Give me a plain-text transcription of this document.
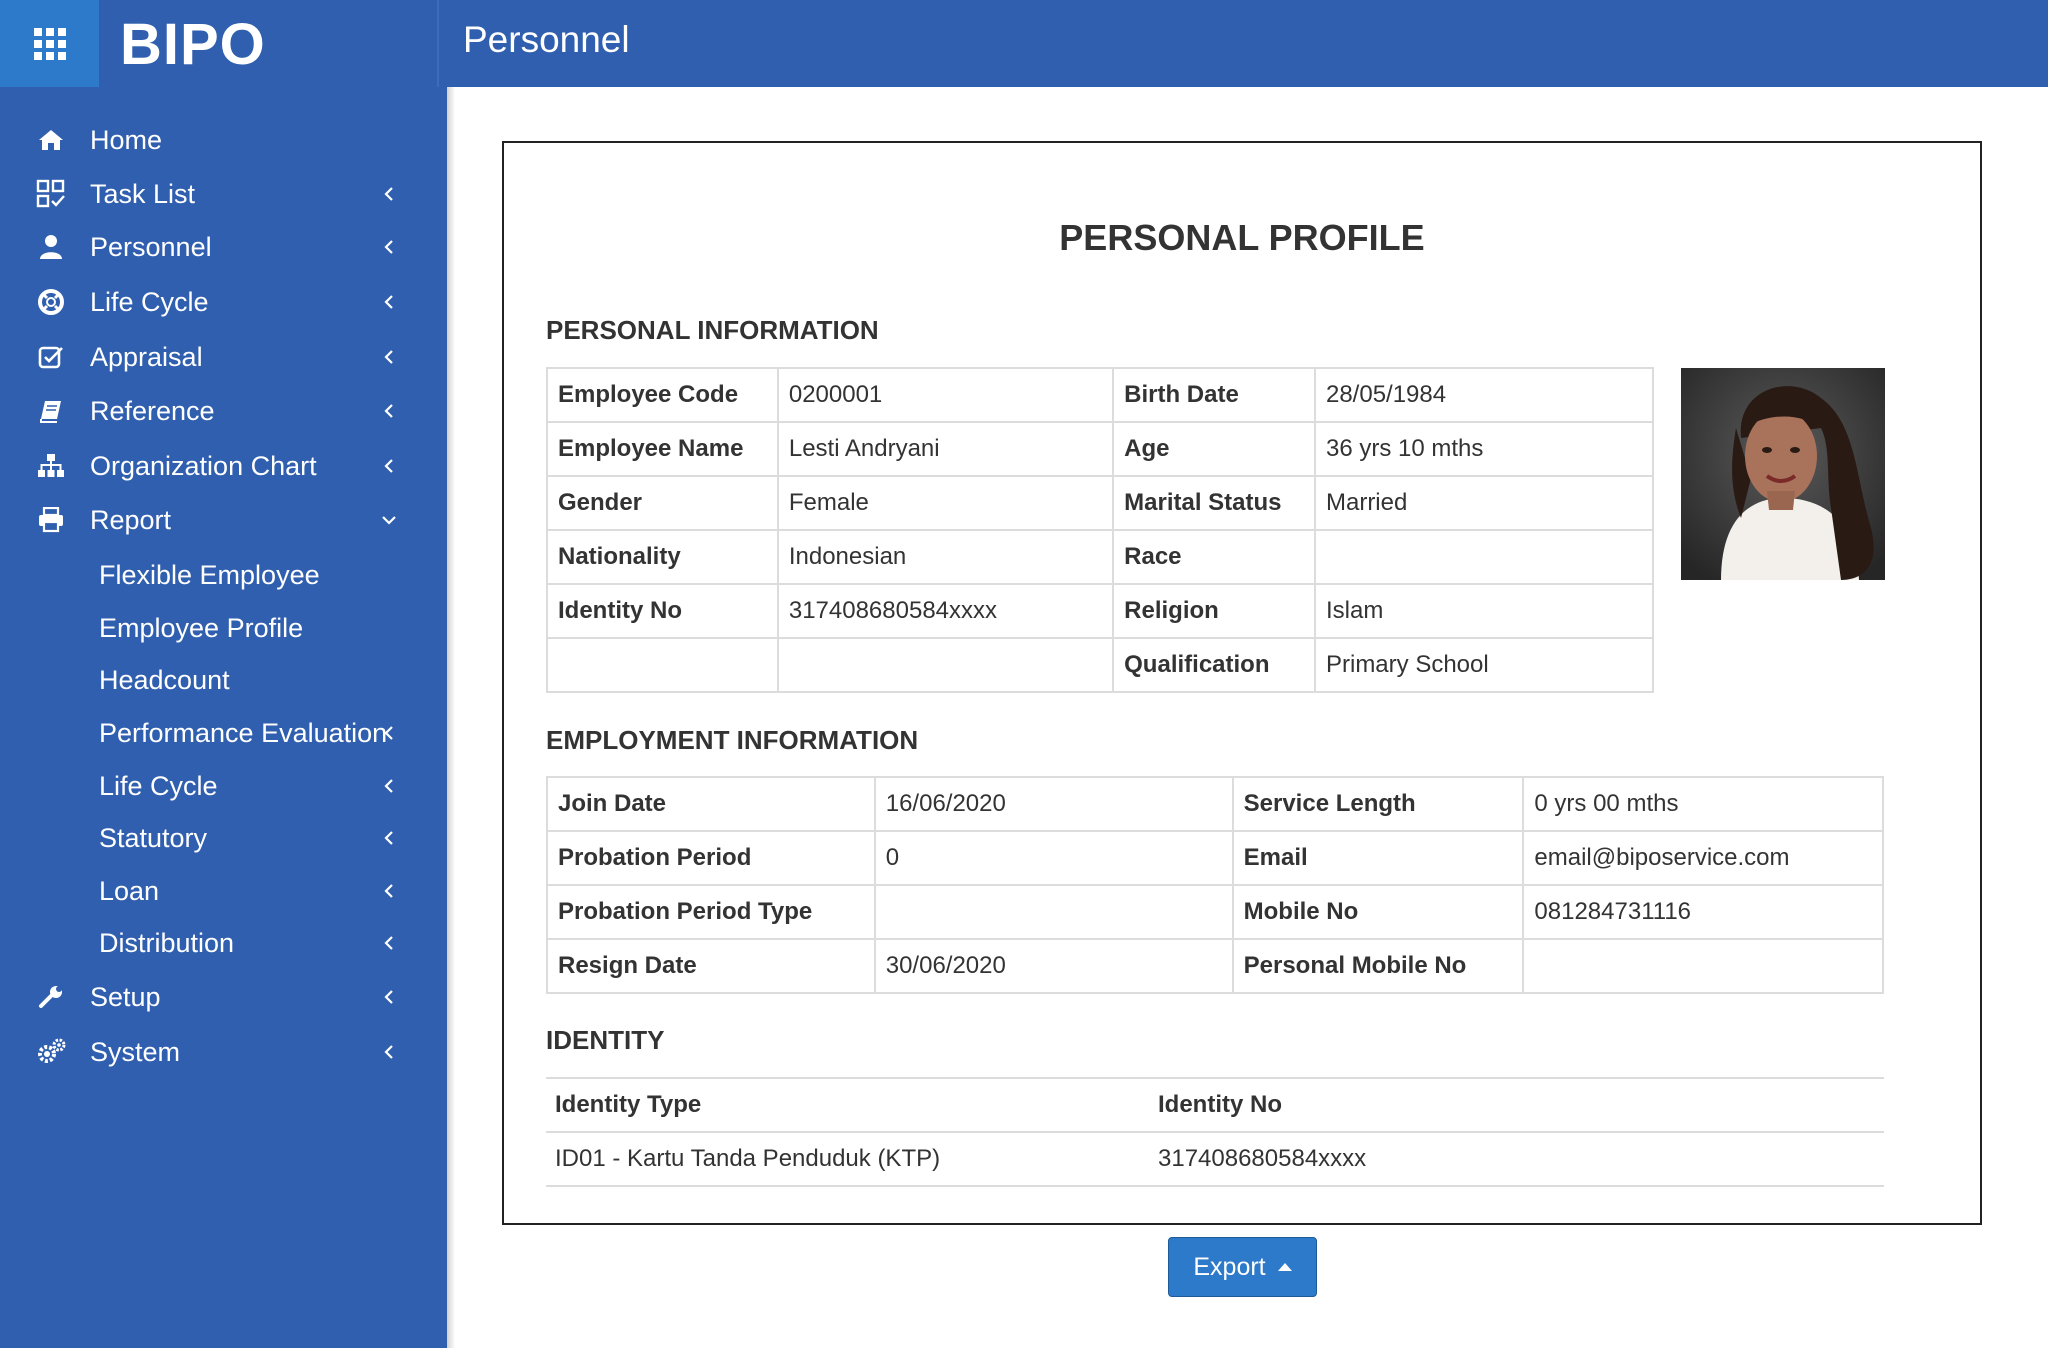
BIPO	Personnel
Home
Task List
Personnel
Life Cycle
Appraisal
Reference
Organization Chart
Report
Flexible Employee
Employee Profile
Headcount
Performance Evaluation
Life Cycle
Statutory
Loan
Distribution
Setup
System
PERSONAL PROFILE
PERSONAL INFORMATION
Employee Code	0200001	Birth Date	28/05/1984
Employee Name	Lesti Andryani	Age	36 yrs 10 mths
Gender	Female	Marital Status	Married
Nationality	Indonesian	Race	
Identity No	317408680584xxxx	Religion	Islam
		Qualification	Primary School
EMPLOYMENT INFORMATION
Join Date	16/06/2020	Service Length	0 yrs 00 mths
Probation Period	0	Email	email@biposervice.com
Probation Period Type		Mobile No	081284731116
Resign Date	30/06/2020	Personal Mobile No	
IDENTITY
Identity Type	Identity No
ID01 - Kartu Tanda Penduduk (KTP)	317408680584xxxx
Export
